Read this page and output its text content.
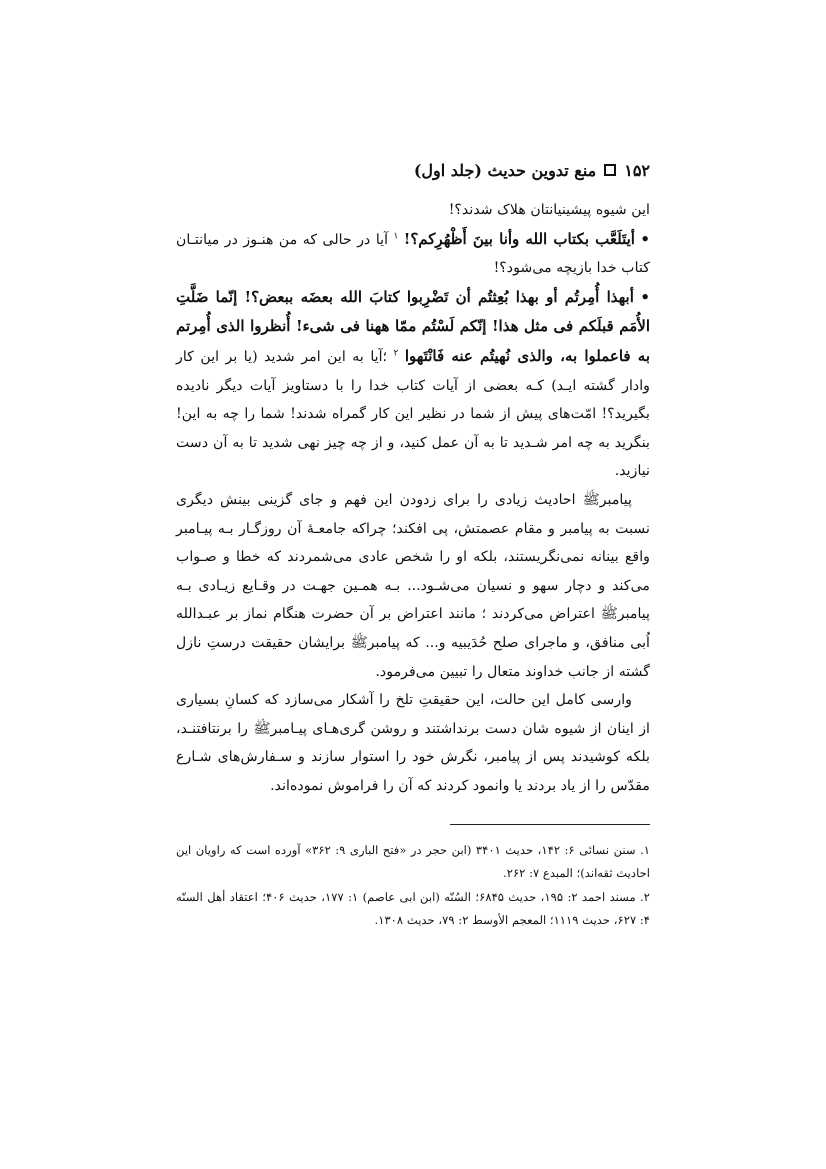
۱۵۲
منع تدوین حدیث (جلد اول)

این شیوه پیشینیانتان هلاک شدند؟!

• أیتَلَعَّب بکتاب الله وأنا بینَ أَظْهُرِکم؟! $^۱$ آیا در حالی که من هنـوز در میانتـان کتاب خدا بازیچه می‌شود؟!

• أبهذا أُمِرتُم أو بهذا بُعِثتُم أن تَضْرِبوا کتابَ الله بعضَه ببعض؟! إنّما ضَلَّتِ الأُمَم قبلَکم فی مثل هذا! إنّکم لَسْتُم ممّا ههنا فی شیء! أُنظروا الذی أُمِرتم به فاعملوا به، والذی نُهیتُم عنه فَانْتَهوا $^۲$ ؛آیا به این امر شدید (یا بر این کار وادار گشته ایـد) کـه بعضی از آیات کتاب خدا را با دستاویز آیات دیگر نادیده بگیرید؟! امّت‌های پیش از شما در نظیر این کار گمراه شدند! شما را چه به این! بنگرید به چه امر شـدید تا به آن عمل کنید، و از چه چیز نهی شدید تا به آن دست نیازید.

پیامبرﷺ احادیث زیادی را برای زدودن این فهم و جای گزینی بینش دیگری نسبت به پیامبر و مقام عصمتش، پی افکند؛ چراکه جامعـهٔ آن روزگـار بـه پیـامبر واقع بینانه نمی‌نگریستند، بلکه او را شخص عادی می‌شمردند که خطا و صـواب می‌کند و دچار سهو و نسیان می‌شـود... بـه همـین جهـت در وقـایع زیـادی بـه پیامبرﷺ اعتراض می‌کردند ؛ مانند اعتراض بر آن حضرت هنگام نماز بر عبـدالله اُبی منافق، و ماجرای صلح حُدَیبیه و... که پیامبرﷺ برایشان حقیقت درستِ نازل گشته از جانب خداوند متعال را تبیین می‌فرمود.

وارسی کامل این حالت، این حقیقتِ تلخ را آشکار می‌سازد که کسانِ بسیاری از اینان از شیوه شان دست برنداشتند و روشن گری‌هـای پیـامبرﷺ را برنتافتنـد، بلکه کوشیدند پس از پیامبر، نگرش خود را استوار سازند و سـفارش‌های شـارع مقدّس را از یاد بردند یا وانمود کردند که آن را فراموش نموده‌اند.

۱. سنن نسائی ۶: ۱۴۲، حدیث ۳۴۰۱ (ابن حجر در «فتح الباری ۹: ۳۶۲» آورده است که راویان این احادیث ثقه‌اند)؛ المبدع ۷: ۲۶۲.
۲. مسند احمد ۲: ۱۹۵، حدیث ۶۸۴۵؛ السُنّه (ابن ابی عاصم) ۱: ۱۷۷، حدیث ۴۰۶؛ اعتقاد أهل السنّه ۴: ۶۲۷، حدیث ۱۱۱۹؛ المعجم الأوسط ۲: ۷۹، حدیث ۱۳۰۸.
